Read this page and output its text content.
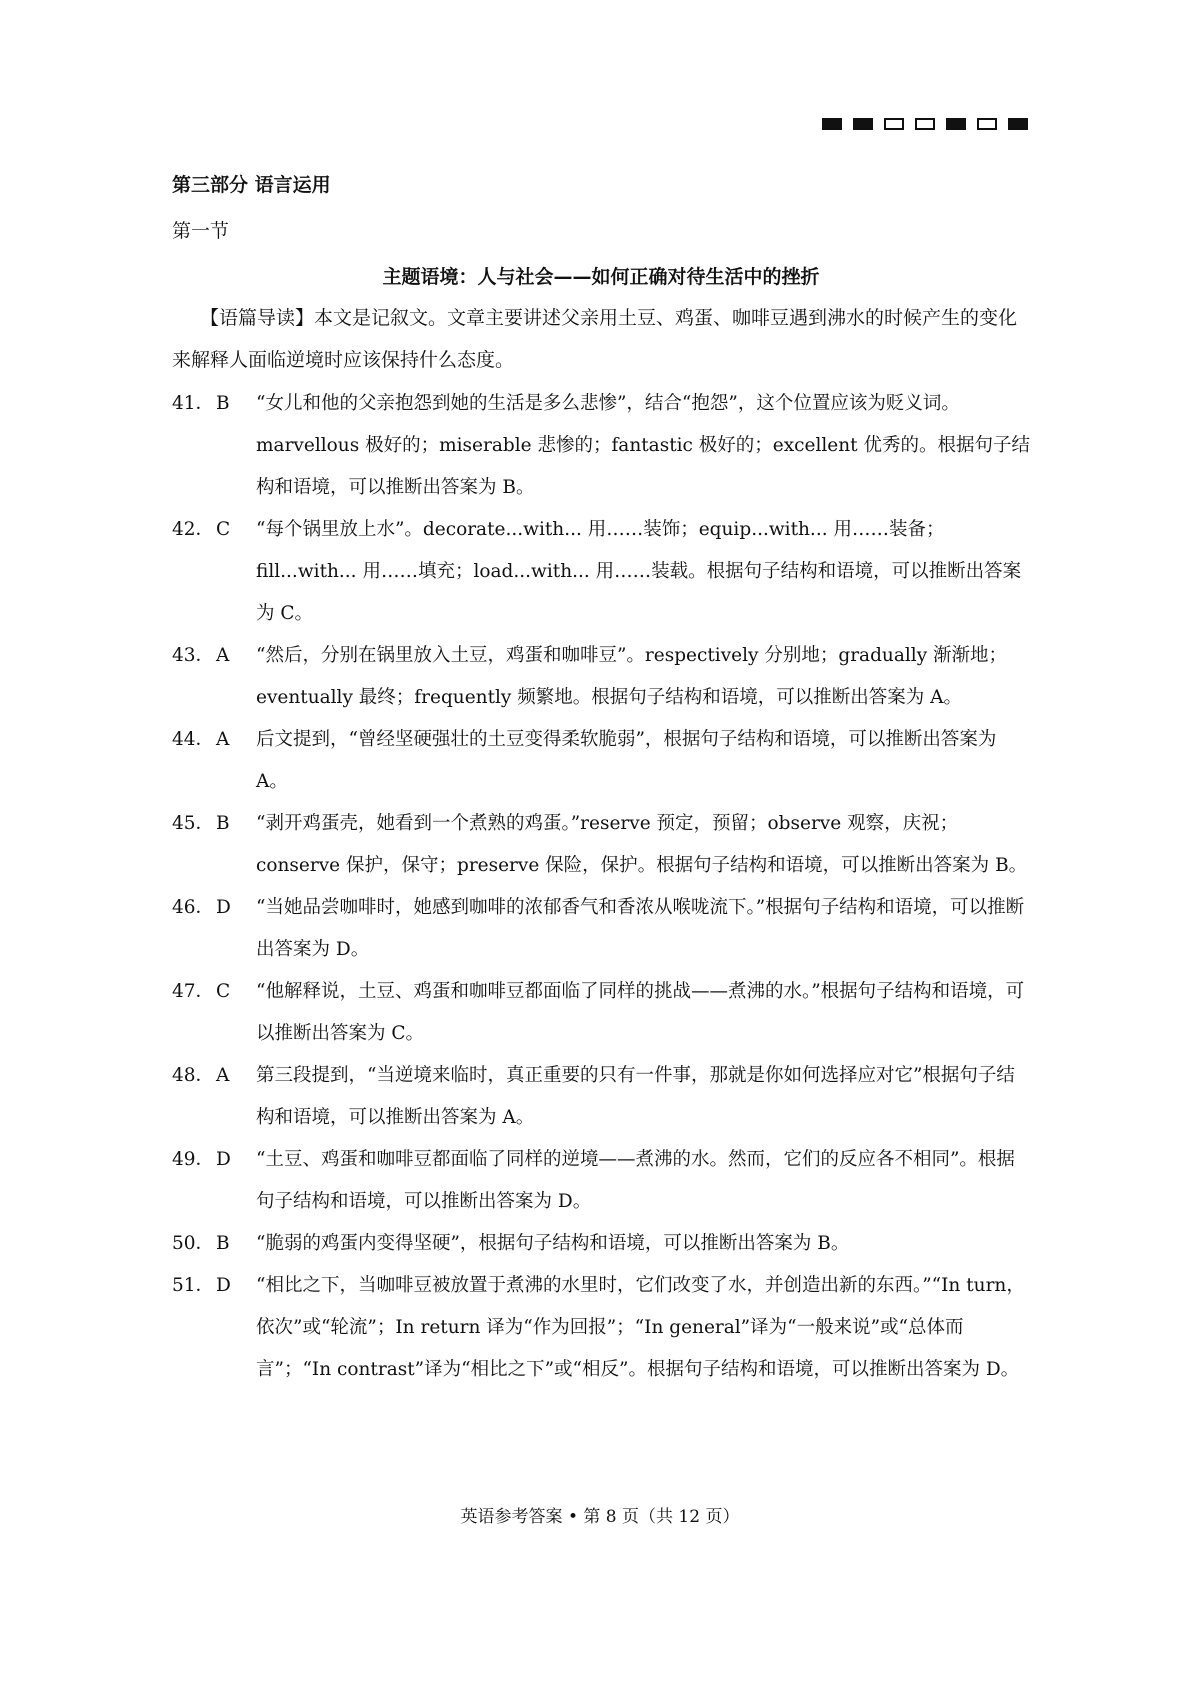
第三部分 语言运用
第一节
主题语境：人与社会——如何正确对待生活中的挫折

【语篇导读】本文是记叙文。文章主要讲述父亲用土豆、鸡蛋、咖啡豆遇到沸水的时候产生的变化来解释人面临逆境时应该保持什么态度。

41． B	“女儿和他的父亲抱怨到她的生活是多么悲惨”，结合“抱怨”，这个位置应该为贬义词。marvellous 极好的；miserable 悲惨的；fantastic 极好的；excellent 优秀的。根据句子结构和语境，可以推断出答案为 B。
42． C	“每个锅里放上水”。decorate...with... 用……装饰；equip...with... 用……装备；fill...with... 用……填充；load...with... 用……装载。根据句子结构和语境，可以推断出答案为 C。
43． A	“然后，分别在锅里放入土豆，鸡蛋和咖啡豆”。respectively 分别地；gradually 渐渐地；eventually 最终；frequently 频繁地。根据句子结构和语境，可以推断出答案为 A。
44． A	后文提到，“曾经坚硬强壮的土豆变得柔软脆弱”，根据句子结构和语境，可以推断出答案为 A。
45． B	“剥开鸡蛋壳，她看到一个煮熟的鸡蛋。”reserve 预定，预留；observe 观察，庆祝；conserve 保护，保守；preserve 保险，保护。根据句子结构和语境，可以推断出答案为 B。
46． D	“当她品尝咖啡时，她感到咖啡的浓郁香气和香浓从喉咙流下。”根据句子结构和语境，可以推断出答案为 D。
47． C	“他解释说，土豆、鸡蛋和咖啡豆都面临了同样的挑战——煮沸的水。”根据句子结构和语境，可以推断出答案为 C。
48． A	第三段提到，“当逆境来临时，真正重要的只有一件事，那就是你如何选择应对它”根据句子结构和语境，可以推断出答案为 A。
49． D	“土豆、鸡蛋和咖啡豆都面临了同样的逆境——煮沸的水。然而，它们的反应各不相同”。根据句子结构和语境，可以推断出答案为 D。
50． B	“脆弱的鸡蛋内变得坚硬”，根据句子结构和语境，可以推断出答案为 B。
51． D	“相比之下，当咖啡豆被放置于煮沸的水里时，它们改变了水，并创造出新的东西。”“In turn，依次”或“轮流”；In return 译为“作为回报”；“In general”译为“一般来说”或“总体而言”；“In contrast”译为“相比之下”或“相反”。根据句子结构和语境，可以推断出答案为 D。
英语参考答案 • 第 8 页（共 12 页）
